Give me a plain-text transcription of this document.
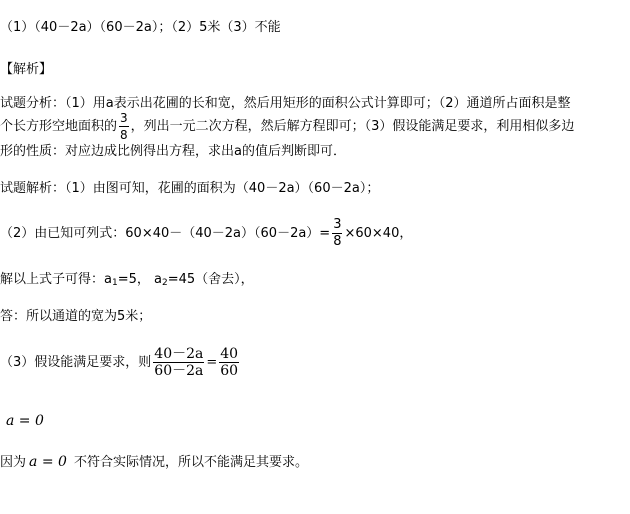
（1）（40－2a）（60－2a）；（2）5米（3）不能
【解析】
试题分析：（1）用a表示出花圃的长和宽，然后用矩形的面积公式计算即可；（2）通道所占面积是整
个长方形空地面积的 $\frac{3}{8}$ ，列出一元二次方程，然后解方程即可；（3）假设能满足要求，利用相似多边
形的性质：对应边成比例得出方程，求出a的值后判断即可．
试题解析：（1）由图可知，花圃的面积为（40－2a）（60－2a）；
（2）由已知可列式：$60\times 40-(40-2a)(60-2a)= \frac{3}{8} \times 60\times 40$，
解以上式子可得：$a_1=5$， $a_2=45$（舍去），
答：所以通道的宽为5米；
（3）假设能满足要求，则 $\frac{40-2a}{60-2a} = \frac{40}{60}$
a = 0
因为 a = 0 不符合实际情况，所以不能满足其要求。
